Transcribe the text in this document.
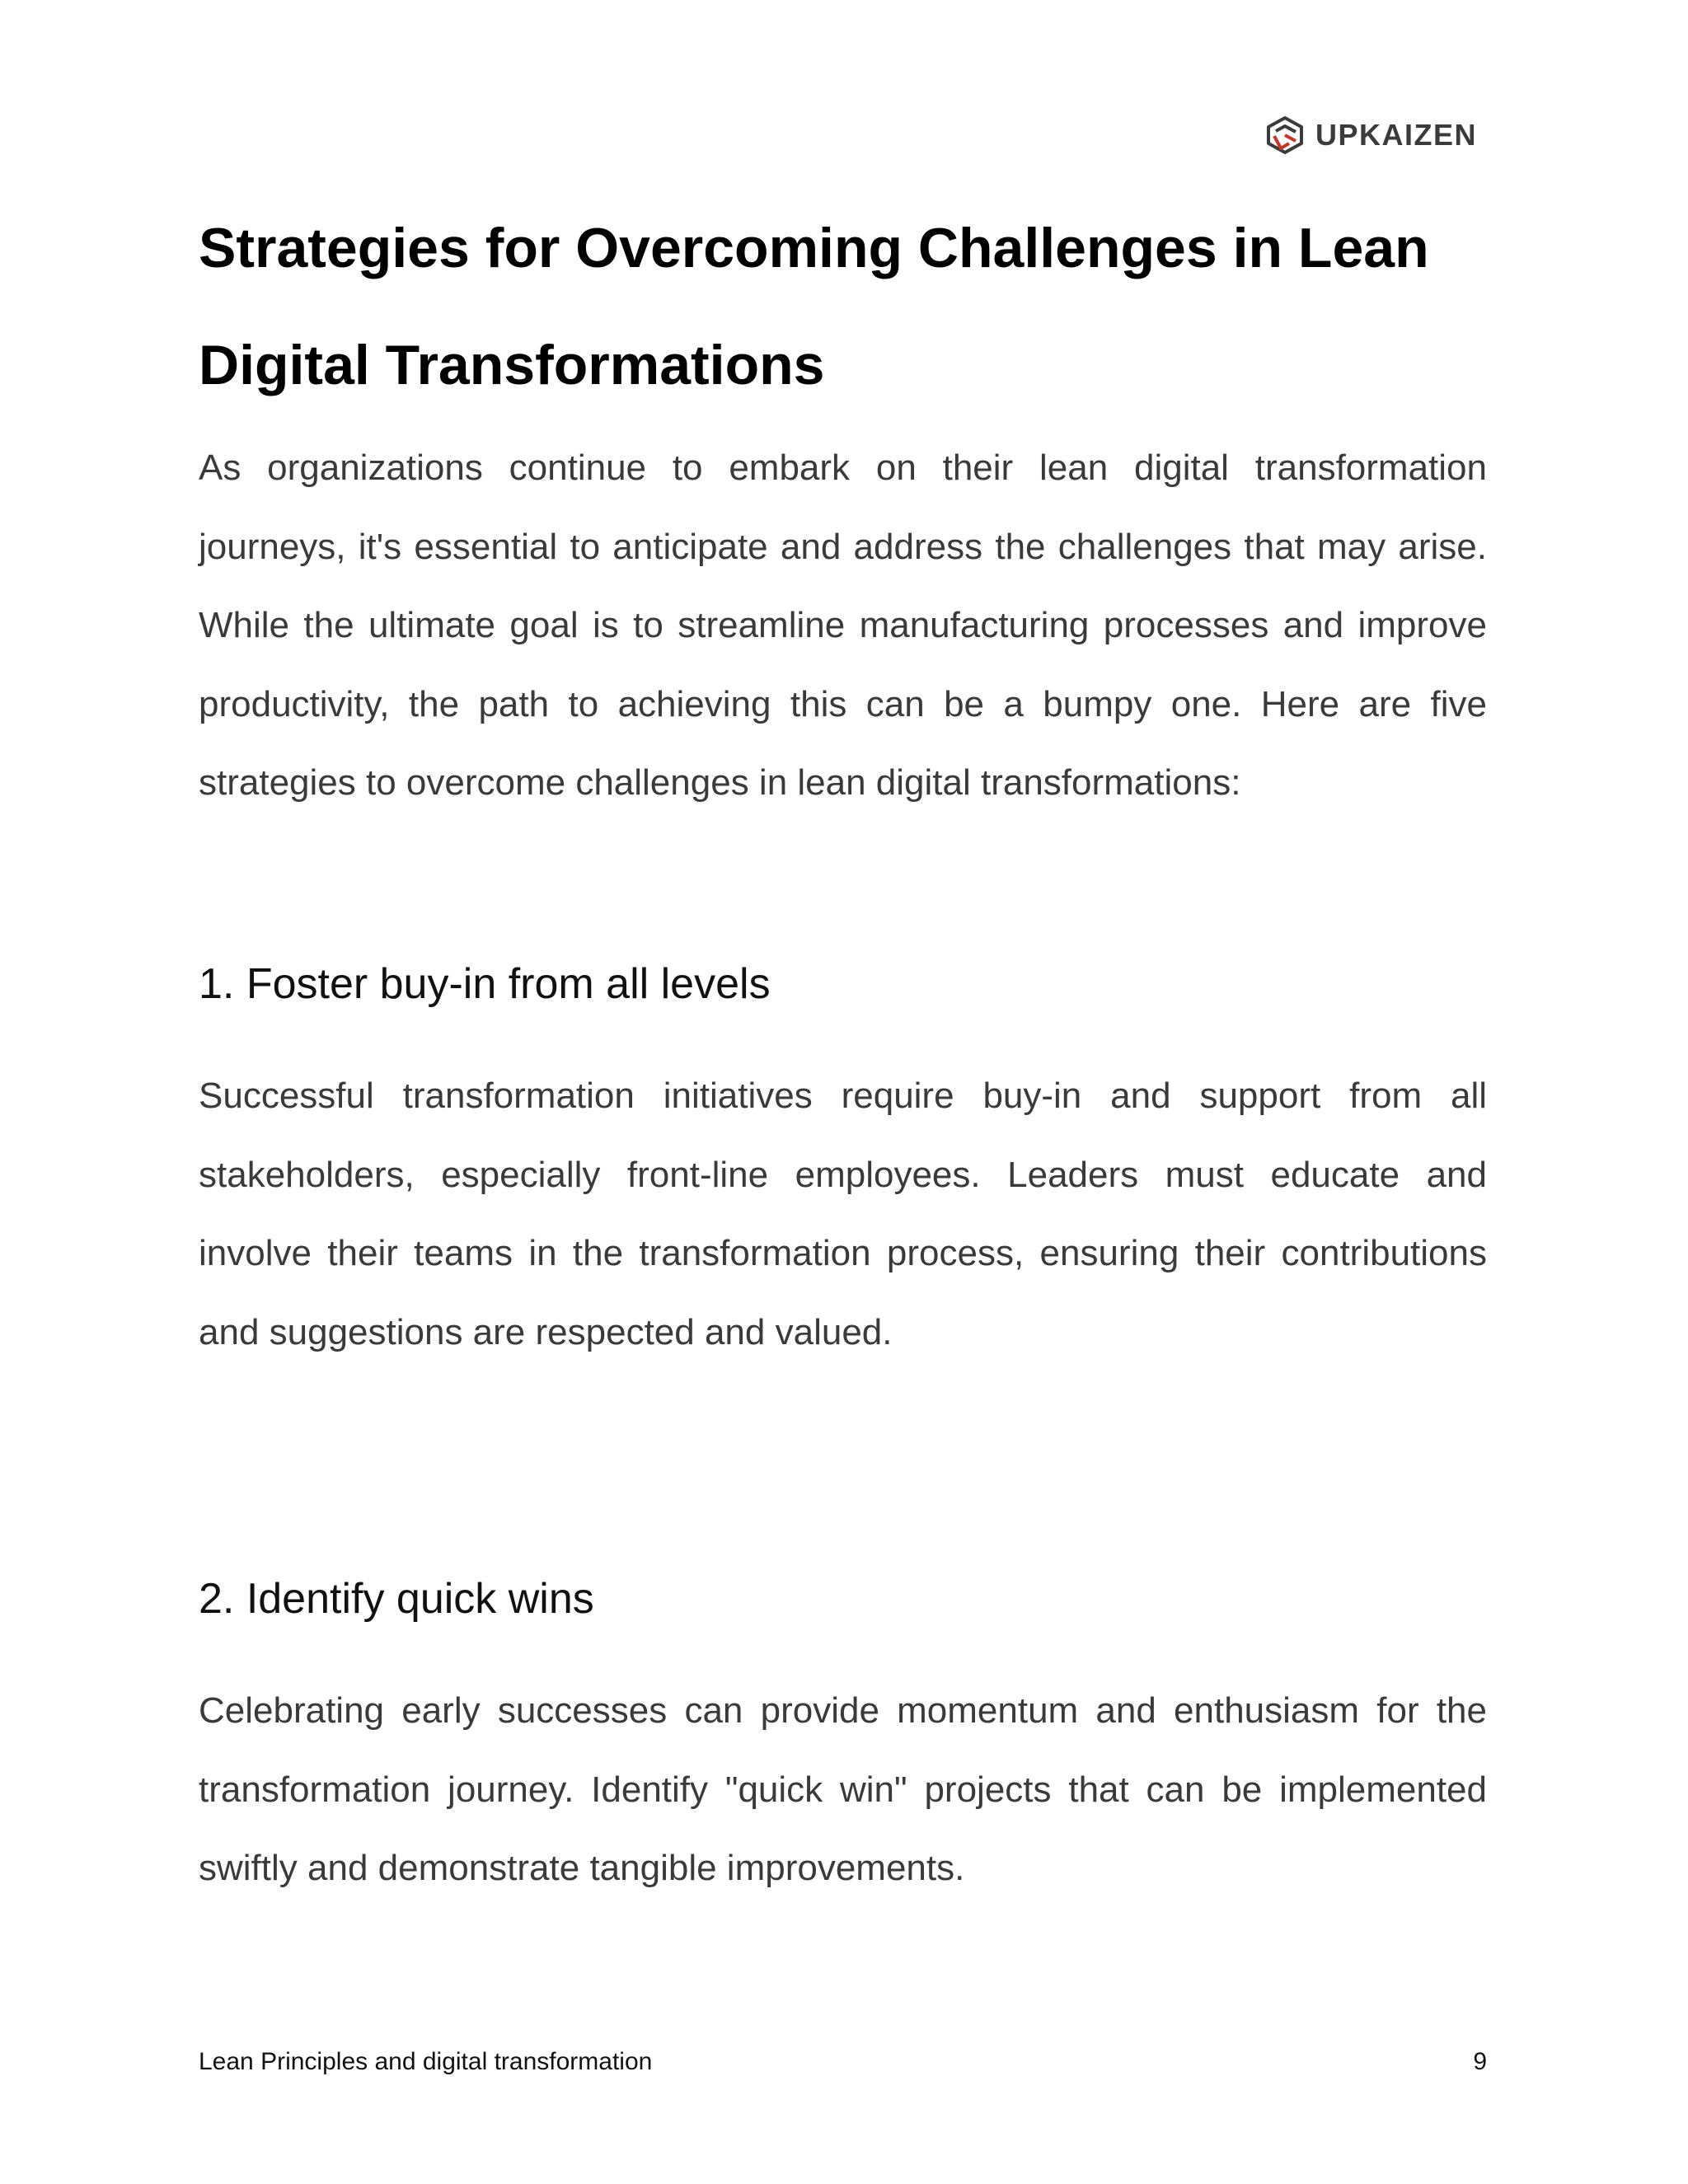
UPKAIZEN
Strategies for Overcoming Challenges in Lean Digital Transformations

As organizations continue to embark on their lean digital transformation journeys, it's essential to anticipate and address the challenges that may arise. While the ultimate goal is to streamline manufacturing processes and improve productivity, the path to achieving this can be a bumpy one. Here are five strategies to overcome challenges in lean digital transformations:

1. Foster buy-in from all levels

Successful transformation initiatives require buy-in and support from all stakeholders, especially front-line employees. Leaders must educate and involve their teams in the transformation process, ensuring their contributions and suggestions are respected and valued.

2. Identify quick wins

Celebrating early successes can provide momentum and enthusiasm for the transformation journey. Identify "quick win" projects that can be implemented swiftly and demonstrate tangible improvements.

Lean Principles and digital transformation	9
